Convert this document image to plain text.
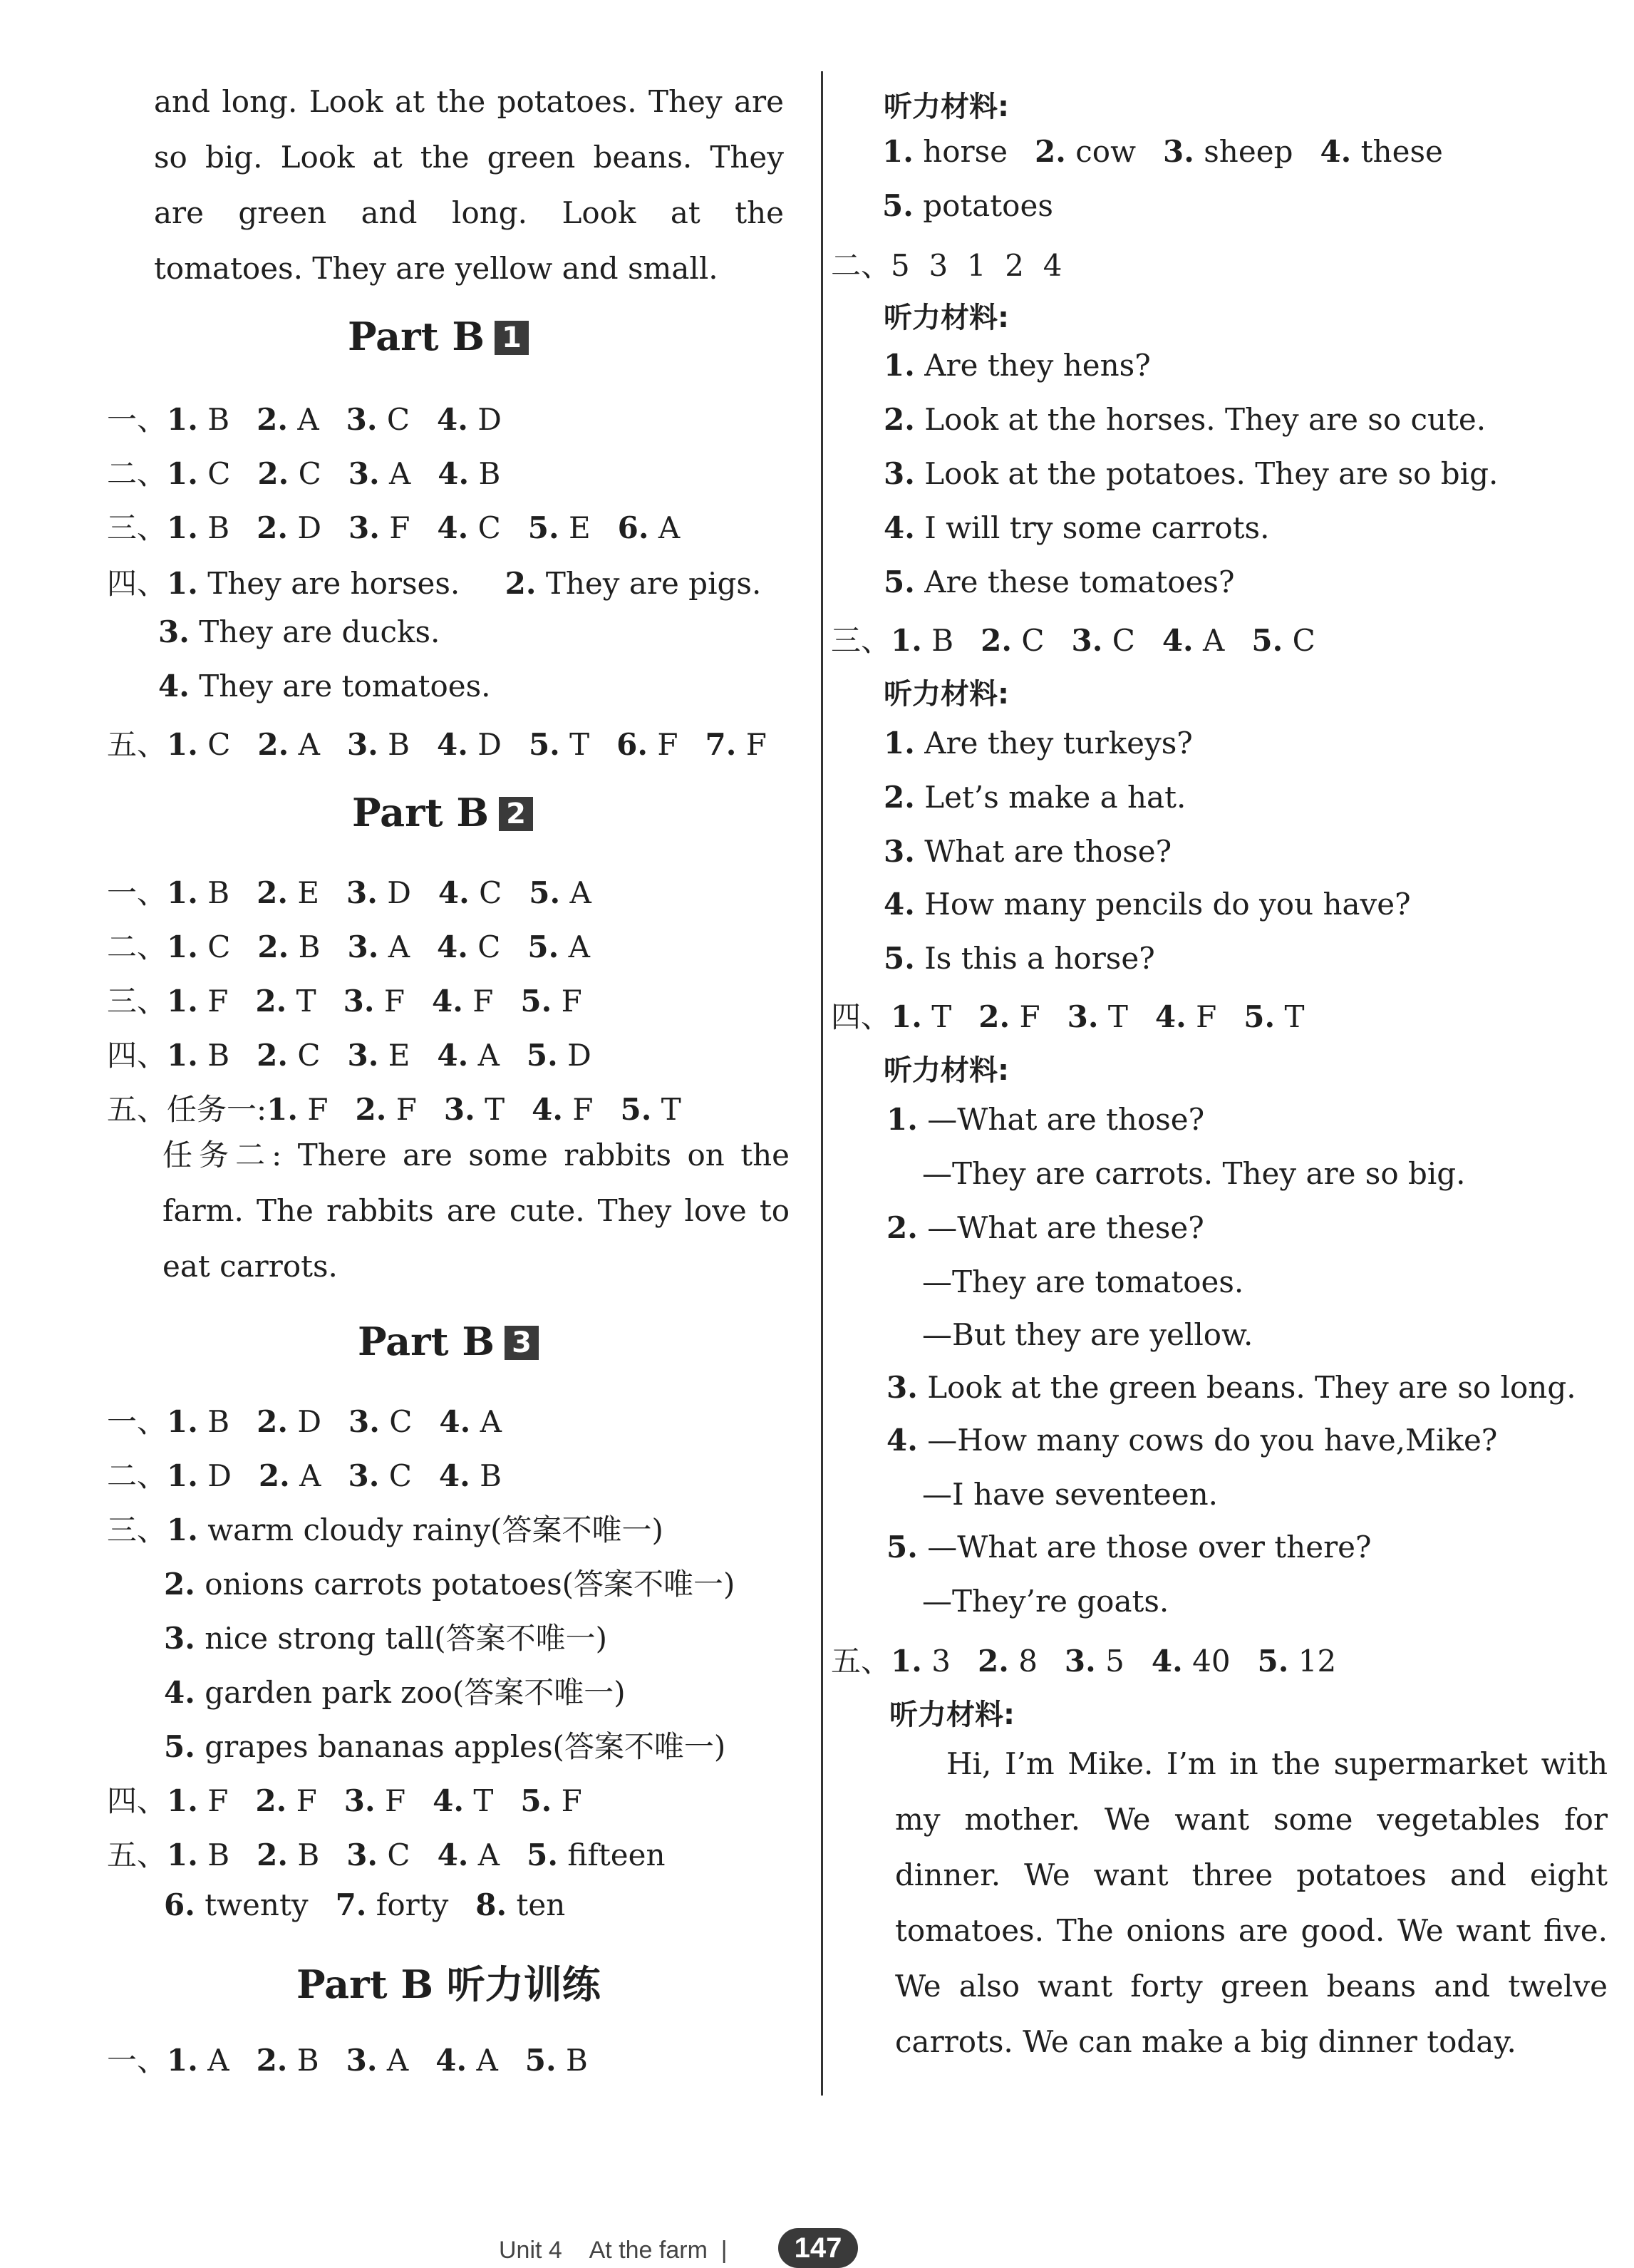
and long. Look at the potatoes. They are so big. Look at the green beans. They are green and long. Look at the tomatoes. They are yellow and small.
Part B 1
一、1. B 2. A 3. C 4. D
二、1. C 2. C 3. A 4. B
三、1. B 2. D 3. F 4. C 5. E 6. A
四、1. They are horses. 2. They are pigs.
3. They are ducks.
4. They are tomatoes.
五、1. C 2. A 3. B 4. D 5. T 6. F 7. F
Part B 2
一、1. B 2. E 3. D 4. C 5. A
二、1. C 2. B 3. A 4. C 5. A
三、1. F 2. T 3. F 4. F 5. F
四、1. B 2. C 3. E 4. A 5. D
五、任务一:1. F 2. F 3. T 4. F 5. T
任务二: There are some rabbits on the farm. The rabbits are cute. They love to eat carrots.
Part B 3
一、1. B 2. D 3. C 4. A
二、1. D 2. A 3. C 4. B
三、1. warm cloudy rainy(答案不唯一)
2. onions carrots potatoes(答案不唯一)
3. nice strong tall(答案不唯一)
4. garden park zoo(答案不唯一)
5. grapes bananas apples(答案不唯一)
四、1. F 2. F 3. F 4. T 5. F
五、1. B 2. B 3. C 4. A 5. fifteen
6. twenty 7. forty 8. ten
Part B 听力训练
一、1. A 2. B 3. A 4. A 5. B
听力材料:
1. horse 2. cow 3. sheep 4. these
5. potatoes
二、5  3  1  2  4
听力材料:
1. Are they hens?
2. Look at the horses. They are so cute.
3. Look at the potatoes. They are so big.
4. I will try some carrots.
5. Are these tomatoes?
三、1. B 2. C 3. C 4. A 5. C
听力材料:
1. Are they turkeys?
2. Let’s make a hat.
3. What are those?
4. How many pencils do you have?
5. Is this a horse?
四、1. T 2. F 3. T 4. F 5. T
听力材料:
1. —What are those?
—They are carrots. They are so big.
2. —What are these?
—They are tomatoes.
—But they are yellow.
3. Look at the green beans. They are so long.
4. —How many cows do you have,Mike?
—I have seventeen.
5. —What are those over there?
—They’re goats.
五、1. 3 2. 8 3. 5 4. 40 5. 12
听力材料:
Hi, I’m Mike. I’m in the supermarket with my mother. We want some vegetables for dinner. We want three potatoes and eight tomatoes. The onions are good. We want five. We also want forty green beans and twelve carrots. We can make a big dinner today.
Unit 4 At the farm  |	147
